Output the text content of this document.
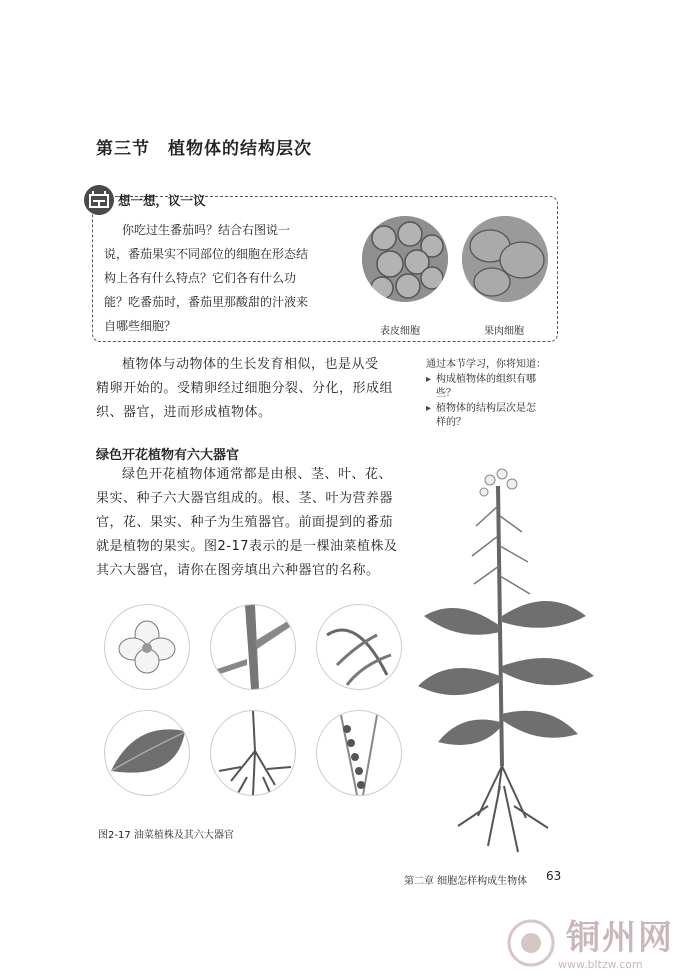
第三节　植物体的结构层次
想一想，议一议
你吃过生番茄吗？结合右图说一
说，番茄果实不同部位的细胞在形态结
构上各有什么特点？它们各有什么功
能？吃番茄时，番茄里那酸甜的汁液来
自哪些细胞？	表皮细胞	果肉细胞
植物体与动物体的生长发育相似，也是从受
精卵开始的。受精卵经过细胞分裂、分化，形成组
织、器官，进而形成植物体。
通过本节学习，你将知道：
▸ 构成植物体的组织有哪
些？
▸ 植物体的结构层次是怎
样的？
绿色开花植物有六大器官
绿色开花植物体通常都是由根、茎、叶、花、
果实、种子六大器官组成的。根、茎、叶为营养器
官，花、果实、种子为生殖器官。前面提到的番茄
就是植物的果实。图2-17表示的是一棵油菜植株及
其六大器官，请你在图旁填出六种器官的名称。
图2-17 油菜植株及其六大器官
第二章 细胞怎样构成生物体 63
铜州网
www.bltzw.com
